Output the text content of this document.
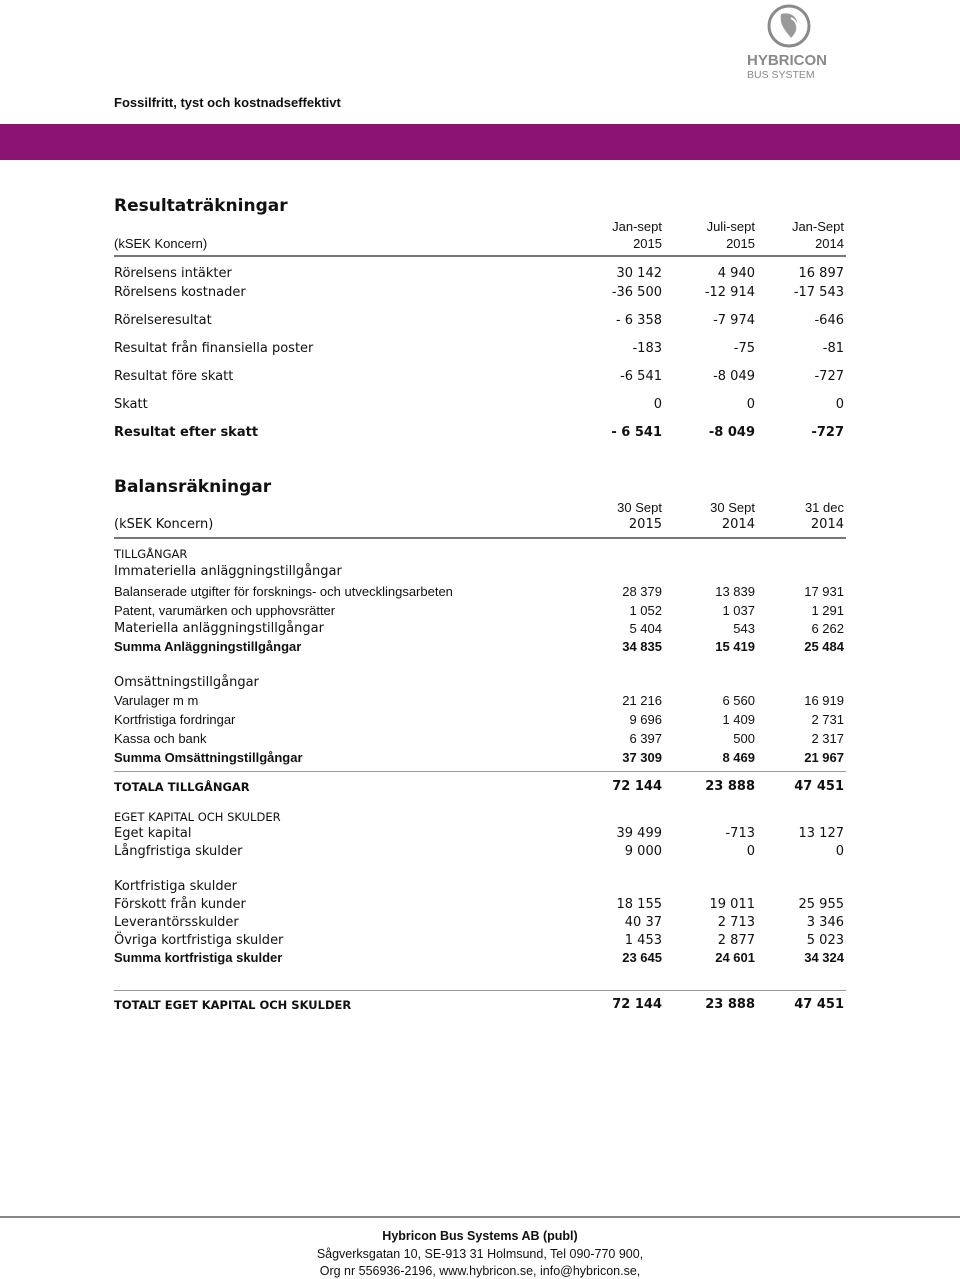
HYBRICON
BUS SYSTEM
Fossilfritt, tyst och kostnadseffektivt
Resultaträkningar
Jan-sept	Juli-sept	Jan-Sept
(kSEK Koncern)	2015	2015	2014
Rörelsens intäkter	30 142	4 940	16 897
Rörelsens kostnader	-36 500	-12 914	-17 543
Rörelseresultat	- 6 358	-7 974	-646
Resultat från finansiella poster	-183	-75	-81
Resultat före skatt	-6 541	-8 049	-727
Skatt	0	0	0
Resultat efter skatt	- 6 541	-8 049	-727
Balansräkningar
30 Sept	30 Sept	31 dec
(kSEK Koncern)	2015	2014	2014
TILLGÅNGAR
Immateriella anläggningstillgångar
Balanserade utgifter för forsknings- och utvecklingsarbeten	28 379	13 839	17 931
Patent, varumärken och upphovsrätter	1 052	1 037	1 291
Materiella anläggningstillgångar	5 404	543	6 262
Summa Anläggningstillgångar	34 835	15 419	25 484
Omsättningstillgångar
Varulager m m	21 216	6 560	16 919
Kortfristiga fordringar	9 696	1 409	2 731
Kassa och bank	6 397	500	2 317
Summa Omsättningstillgångar	37 309	8 469	21 967
TOTALA TILLGÅNGAR	72 144	23 888	47 451
EGET KAPITAL OCH SKULDER
Eget kapital	39 499	-713	13 127
Långfristiga skulder	9 000	0	0
Kortfristiga skulder
Förskott från kunder	18 155	19 011	25 955
Leverantörsskulder	40 37	2 713	3 346
Övriga kortfristiga skulder	1 453	2 877	5 023
Summa kortfristiga skulder	23 645	24 601	34 324
TOTALT EGET KAPITAL OCH SKULDER	72 144	23 888	47 451
Hybricon Bus Systems AB (publ)
Sågverksgatan 10, SE-913 31 Holmsund, Tel 090-770 900,
Org nr 556936-2196, www.hybricon.se, info@hybricon.se,
